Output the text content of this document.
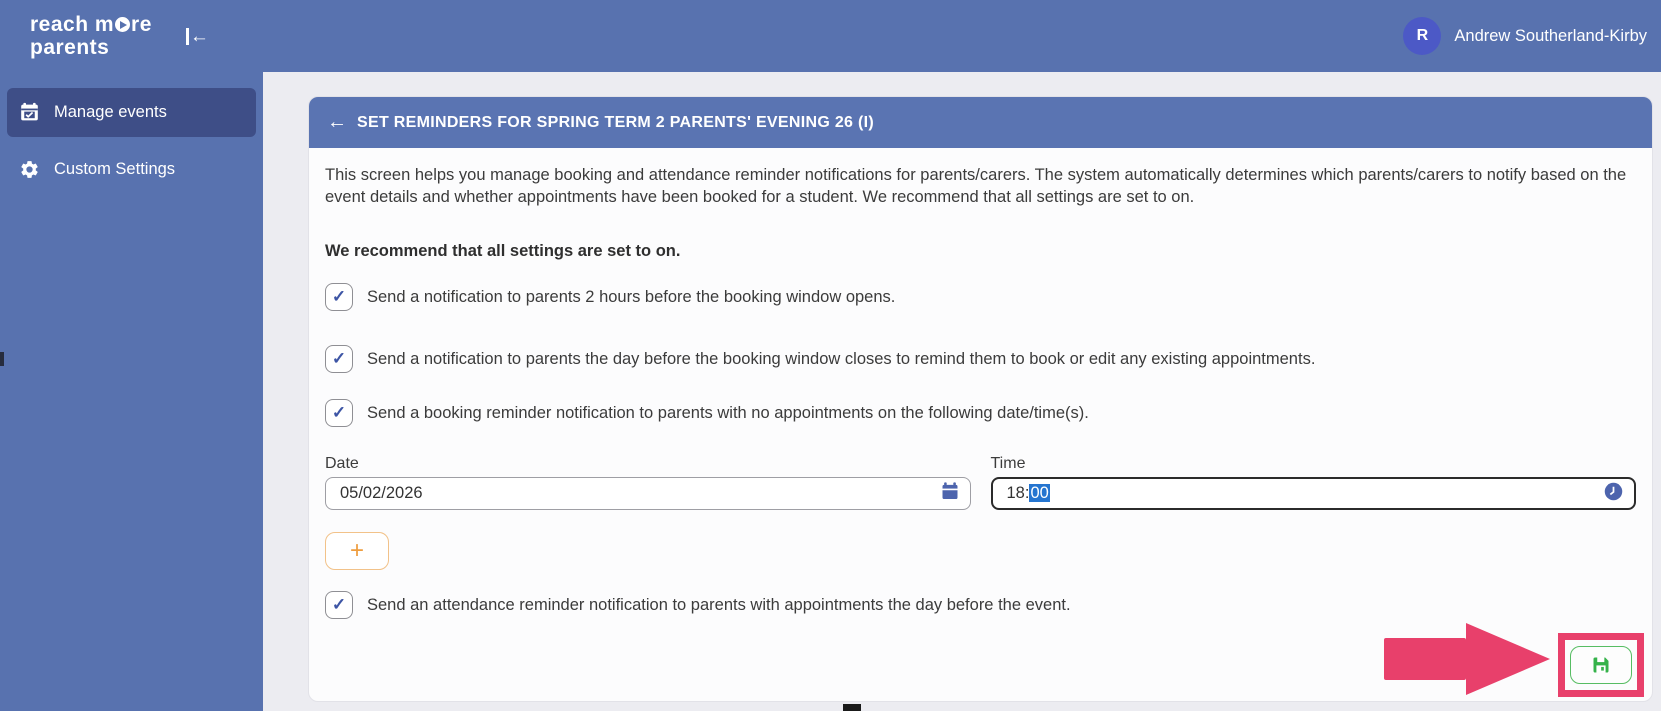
reach m re
parents	←	R	Andrew Southerland-Kirby
Manage events
Custom Settings
← SET REMINDERS FOR SPRING TERM 2 PARENTS' EVENING 26 (I)

This screen helps you manage booking and attendance reminder notifications for parents/carers. The system automatically determines which parents/carers to notify based on the event details and whether appointments have been booked for a student. We recommend that all settings are set to on.

We recommend that all settings are set to on.

✓ Send a notification to parents 2 hours before the booking window opens.
✓ Send a notification to parents the day before the booking window closes to remind them to book or edit any existing appointments.
✓ Send a booking reminder notification to parents with no appointments on the following date/time(s).
Date
05/02/2026
Time
18:00
+
✓ Send an attendance reminder notification to parents with appointments the day before the event.
